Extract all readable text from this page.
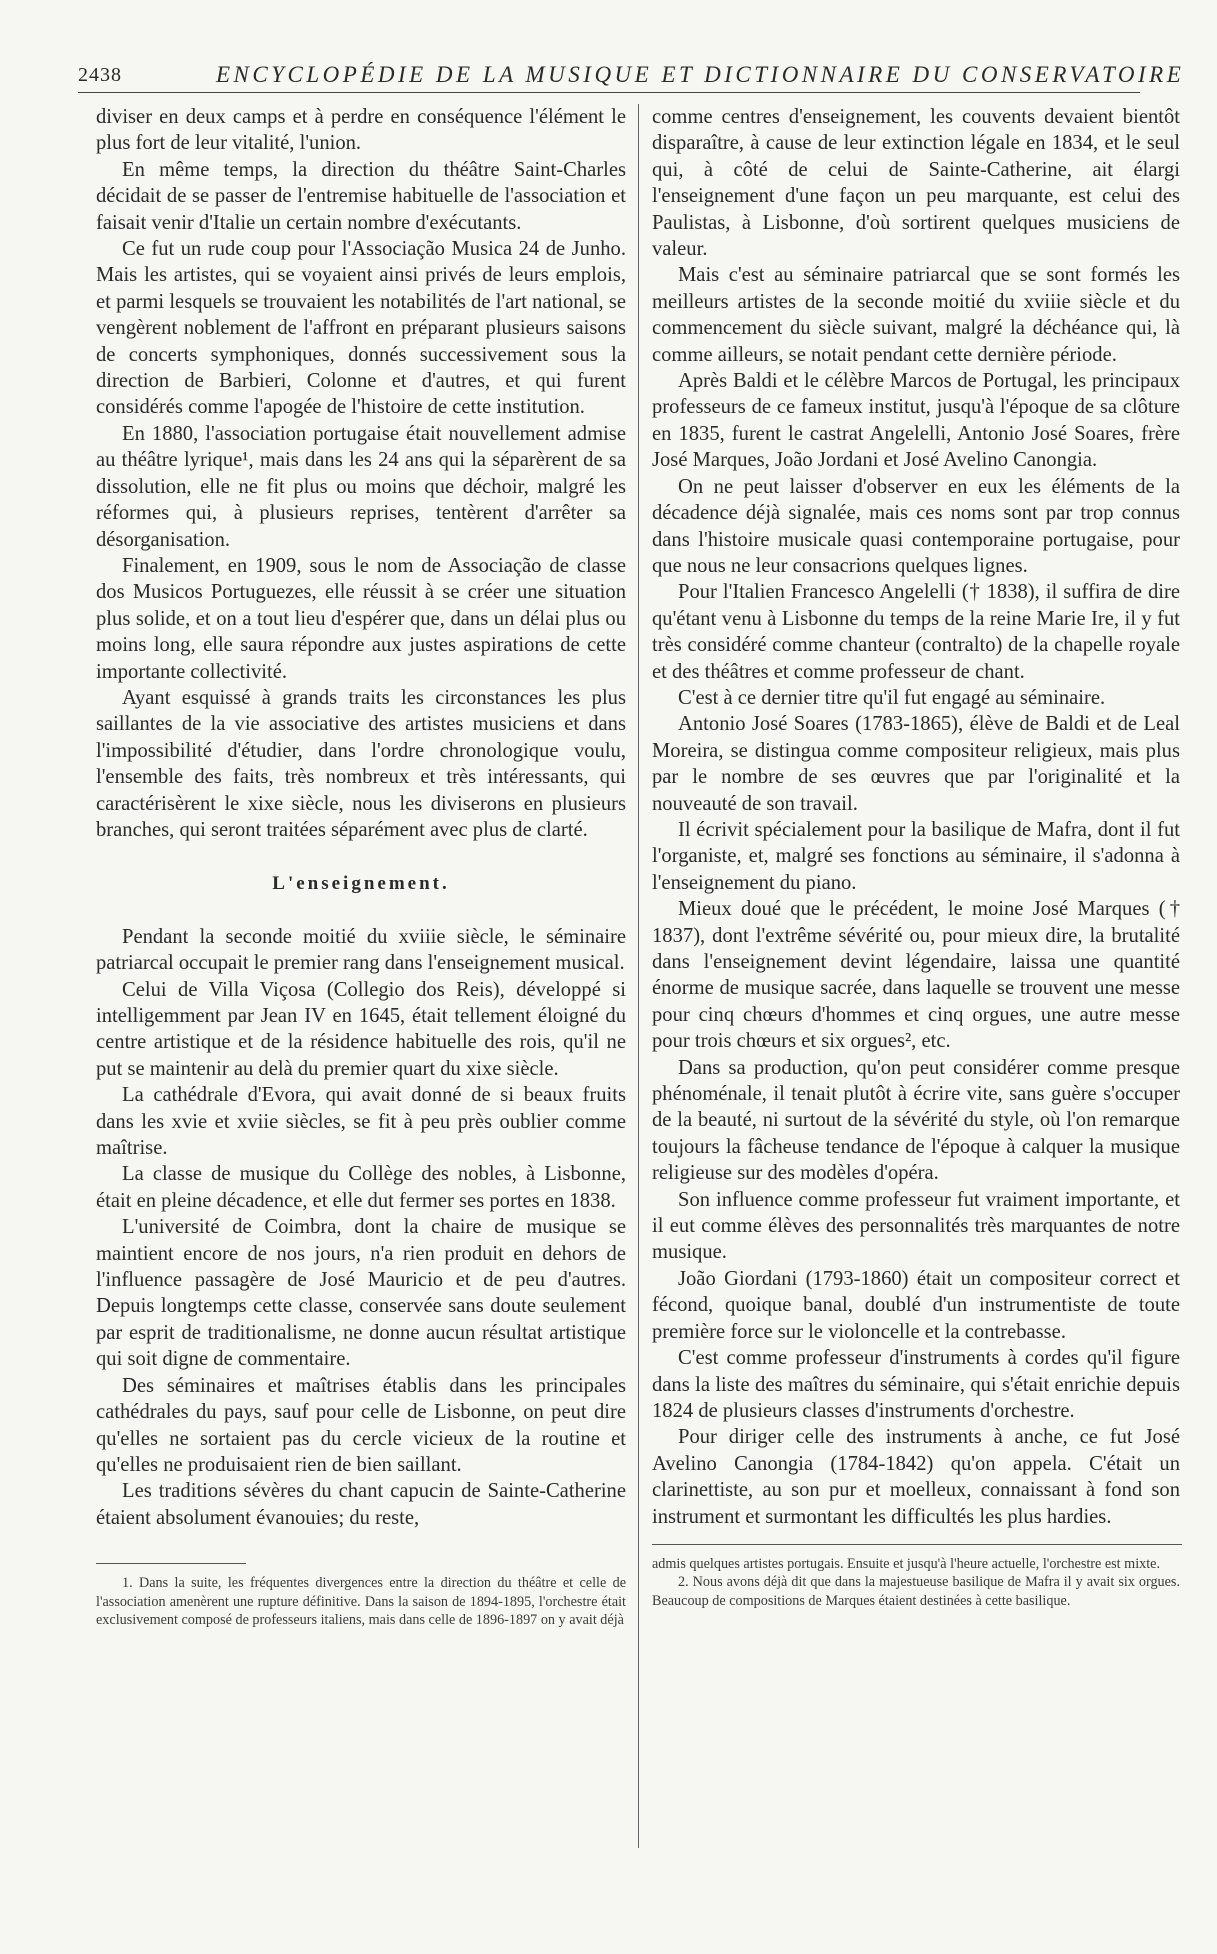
2438	ENCYCLOPÉDIE DE LA MUSIQUE ET DICTIONNAIRE DU CONSERVATOIRE

diviser en deux camps et à perdre en conséquence l'élément le plus fort de leur vitalité, l'union.

En même temps, la direction du théâtre Saint-Charles décidait de se passer de l'entremise habituelle de l'association et faisait venir d'Italie un certain nombre d'exécutants.

Ce fut un rude coup pour l'Associação Musica 24 de Junho. Mais les artistes, qui se voyaient ainsi privés de leurs emplois, et parmi lesquels se trouvaient les notabilités de l'art national, se vengèrent noblement de l'affront en préparant plusieurs saisons de concerts symphoniques, donnés successivement sous la direction de Barbieri, Colonne et d'autres, et qui furent considérés comme l'apogée de l'histoire de cette institution.

En 1880, l'association portugaise était nouvellement admise au théâtre lyrique¹, mais dans les 24 ans qui la séparèrent de sa dissolution, elle ne fit plus ou moins que déchoir, malgré les réformes qui, à plusieurs reprises, tentèrent d'arrêter sa désorganisation.

Finalement, en 1909, sous le nom de Associação de classe dos Musicos Portuguezes, elle réussit à se créer une situation plus solide, et on a tout lieu d'espérer que, dans un délai plus ou moins long, elle saura répondre aux justes aspirations de cette importante collectivité.

Ayant esquissé à grands traits les circonstances les plus saillantes de la vie associative des artistes musiciens et dans l'impossibilité d'étudier, dans l'ordre chronologique voulu, l'ensemble des faits, très nombreux et très intéressants, qui caractérisèrent le xixe siècle, nous les diviserons en plusieurs branches, qui seront traitées séparément avec plus de clarté.

L'enseignement.

Pendant la seconde moitié du xviiie siècle, le séminaire patriarcal occupait le premier rang dans l'enseignement musical.

Celui de Villa Viçosa (Collegio dos Reis), développé si intelligemment par Jean IV en 1645, était tellement éloigné du centre artistique et de la résidence habituelle des rois, qu'il ne put se maintenir au delà du premier quart du xixe siècle.

La cathédrale d'Evora, qui avait donné de si beaux fruits dans les xvie et xviie siècles, se fit à peu près oublier comme maîtrise.

La classe de musique du Collège des nobles, à Lisbonne, était en pleine décadence, et elle dut fermer ses portes en 1838.

L'université de Coimbra, dont la chaire de musique se maintient encore de nos jours, n'a rien produit en dehors de l'influence passagère de José Mauricio et de peu d'autres. Depuis longtemps cette classe, conservée sans doute seulement par esprit de traditionalisme, ne donne aucun résultat artistique qui soit digne de commentaire.

Des séminaires et maîtrises établis dans les principales cathédrales du pays, sauf pour celle de Lisbonne, on peut dire qu'elles ne sortaient pas du cercle vicieux de la routine et qu'elles ne produisaient rien de bien saillant.

Les traditions sévères du chant capucin de Sainte-Catherine étaient absolument évanouies; du reste,

1. Dans la suite, les fréquentes divergences entre la direction du théâtre et celle de l'association amenèrent une rupture définitive. Dans la saison de 1894-1895, l'orchestre était exclusivement composé de professeurs italiens, mais dans celle de 1896-1897 on y avait déjà

comme centres d'enseignement, les couvents devaient bientôt disparaître, à cause de leur extinction légale en 1834, et le seul qui, à côté de celui de Sainte-Catherine, ait élargi l'enseignement d'une façon un peu marquante, est celui des Paulistas, à Lisbonne, d'où sortirent quelques musiciens de valeur.

Mais c'est au séminaire patriarcal que se sont formés les meilleurs artistes de la seconde moitié du xviiie siècle et du commencement du siècle suivant, malgré la déchéance qui, là comme ailleurs, se notait pendant cette dernière période.

Après Baldi et le célèbre Marcos de Portugal, les principaux professeurs de ce fameux institut, jusqu'à l'époque de sa clôture en 1835, furent le castrat Angelelli, Antonio José Soares, frère José Marques, João Jordani et José Avelino Canongia.

On ne peut laisser d'observer en eux les éléments de la décadence déjà signalée, mais ces noms sont par trop connus dans l'histoire musicale quasi contemporaine portugaise, pour que nous ne leur consacrions quelques lignes.

Pour l'Italien Francesco Angelelli († 1838), il suffira de dire qu'étant venu à Lisbonne du temps de la reine Marie Ire, il y fut très considéré comme chanteur (contralto) de la chapelle royale et des théâtres et comme professeur de chant.

C'est à ce dernier titre qu'il fut engagé au séminaire.

Antonio José Soares (1783-1865), élève de Baldi et de Leal Moreira, se distingua comme compositeur religieux, mais plus par le nombre de ses œuvres que par l'originalité et la nouveauté de son travail.

Il écrivit spécialement pour la basilique de Mafra, dont il fut l'organiste, et, malgré ses fonctions au séminaire, il s'adonna à l'enseignement du piano.

Mieux doué que le précédent, le moine José Marques († 1837), dont l'extrême sévérité ou, pour mieux dire, la brutalité dans l'enseignement devint légendaire, laissa une quantité énorme de musique sacrée, dans laquelle se trouvent une messe pour cinq chœurs d'hommes et cinq orgues, une autre messe pour trois chœurs et six orgues², etc.

Dans sa production, qu'on peut considérer comme presque phénoménale, il tenait plutôt à écrire vite, sans guère s'occuper de la beauté, ni surtout de la sévérité du style, où l'on remarque toujours la fâcheuse tendance de l'époque à calquer la musique religieuse sur des modèles d'opéra.

Son influence comme professeur fut vraiment importante, et il eut comme élèves des personnalités très marquantes de notre musique.

João Giordani (1793-1860) était un compositeur correct et fécond, quoique banal, doublé d'un instrumentiste de toute première force sur le violoncelle et la contrebasse.

C'est comme professeur d'instruments à cordes qu'il figure dans la liste des maîtres du séminaire, qui s'était enrichie depuis 1824 de plusieurs classes d'instruments d'orchestre.

Pour diriger celle des instruments à anche, ce fut José Avelino Canongia (1784-1842) qu'on appela. C'était un clarinettiste, au son pur et moelleux, connaissant à fond son instrument et surmontant les difficultés les plus hardies.

admis quelques artistes portugais. Ensuite et jusqu'à l'heure actuelle, l'orchestre est mixte.

2. Nous avons déjà dit que dans la majestueuse basilique de Mafra il y avait six orgues. Beaucoup de compositions de Marques étaient destinées à cette basilique.
